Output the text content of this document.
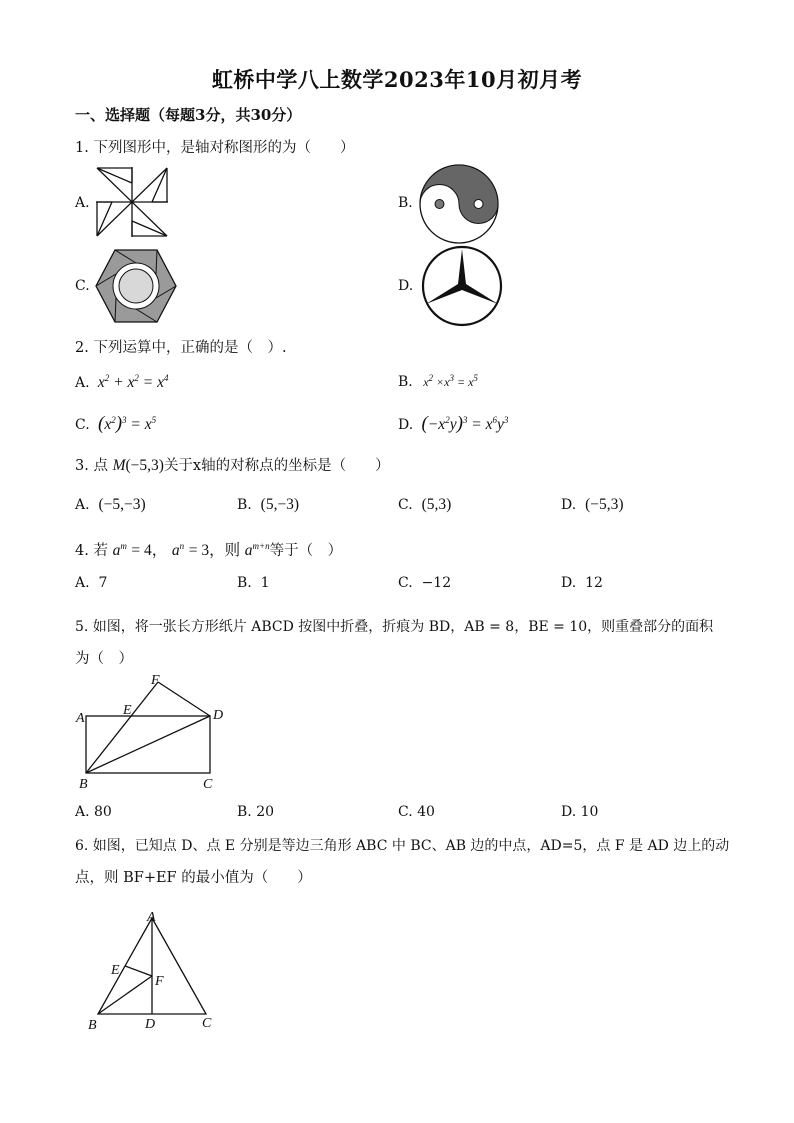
虹桥中学八上数学2023年10月初月考
一、选择题（每题3分，共30分）
1. 下列图形中，是轴对称图形的为（　　）
A.	B.
C.	D.
2. 下列运算中，正确的是（　）.
A.  $x^2 + x^2 = x^4$	B.   $x^2 \times x^3 = x^5$
C. $(x^2)^3 = x^5$	D. $(-x^2y)^3 = x^6y^3$
3. 点 M(−5,3)关于x轴的对称点的坐标是（　　）
A. (−5,−3)	B. (5,−3)	C. (5,3)	D. (−5,3)
4. 若 $a^m = 4$， $a^n = 3$，则 $a^{m+n}$等于（　）
A. 7	B. 1	C. −12	D. 12
5. 如图，将一张长方形纸片 ABCD 按图中折叠，折痕为 BD，AB = 8，BE = 10，则重叠部分的面积
为（　）
F
A
E	D
B	C
A. 80	B. 20	C. 40	D. 10
6. 如图，已知点 D、点 E 分别是等边三角形 ABC 中 BC、AB 边的中点，AD=5，点 F 是 AD 边上的动
点，则 BF+EF 的最小值为（　　）
A
E
F
B	D	C
